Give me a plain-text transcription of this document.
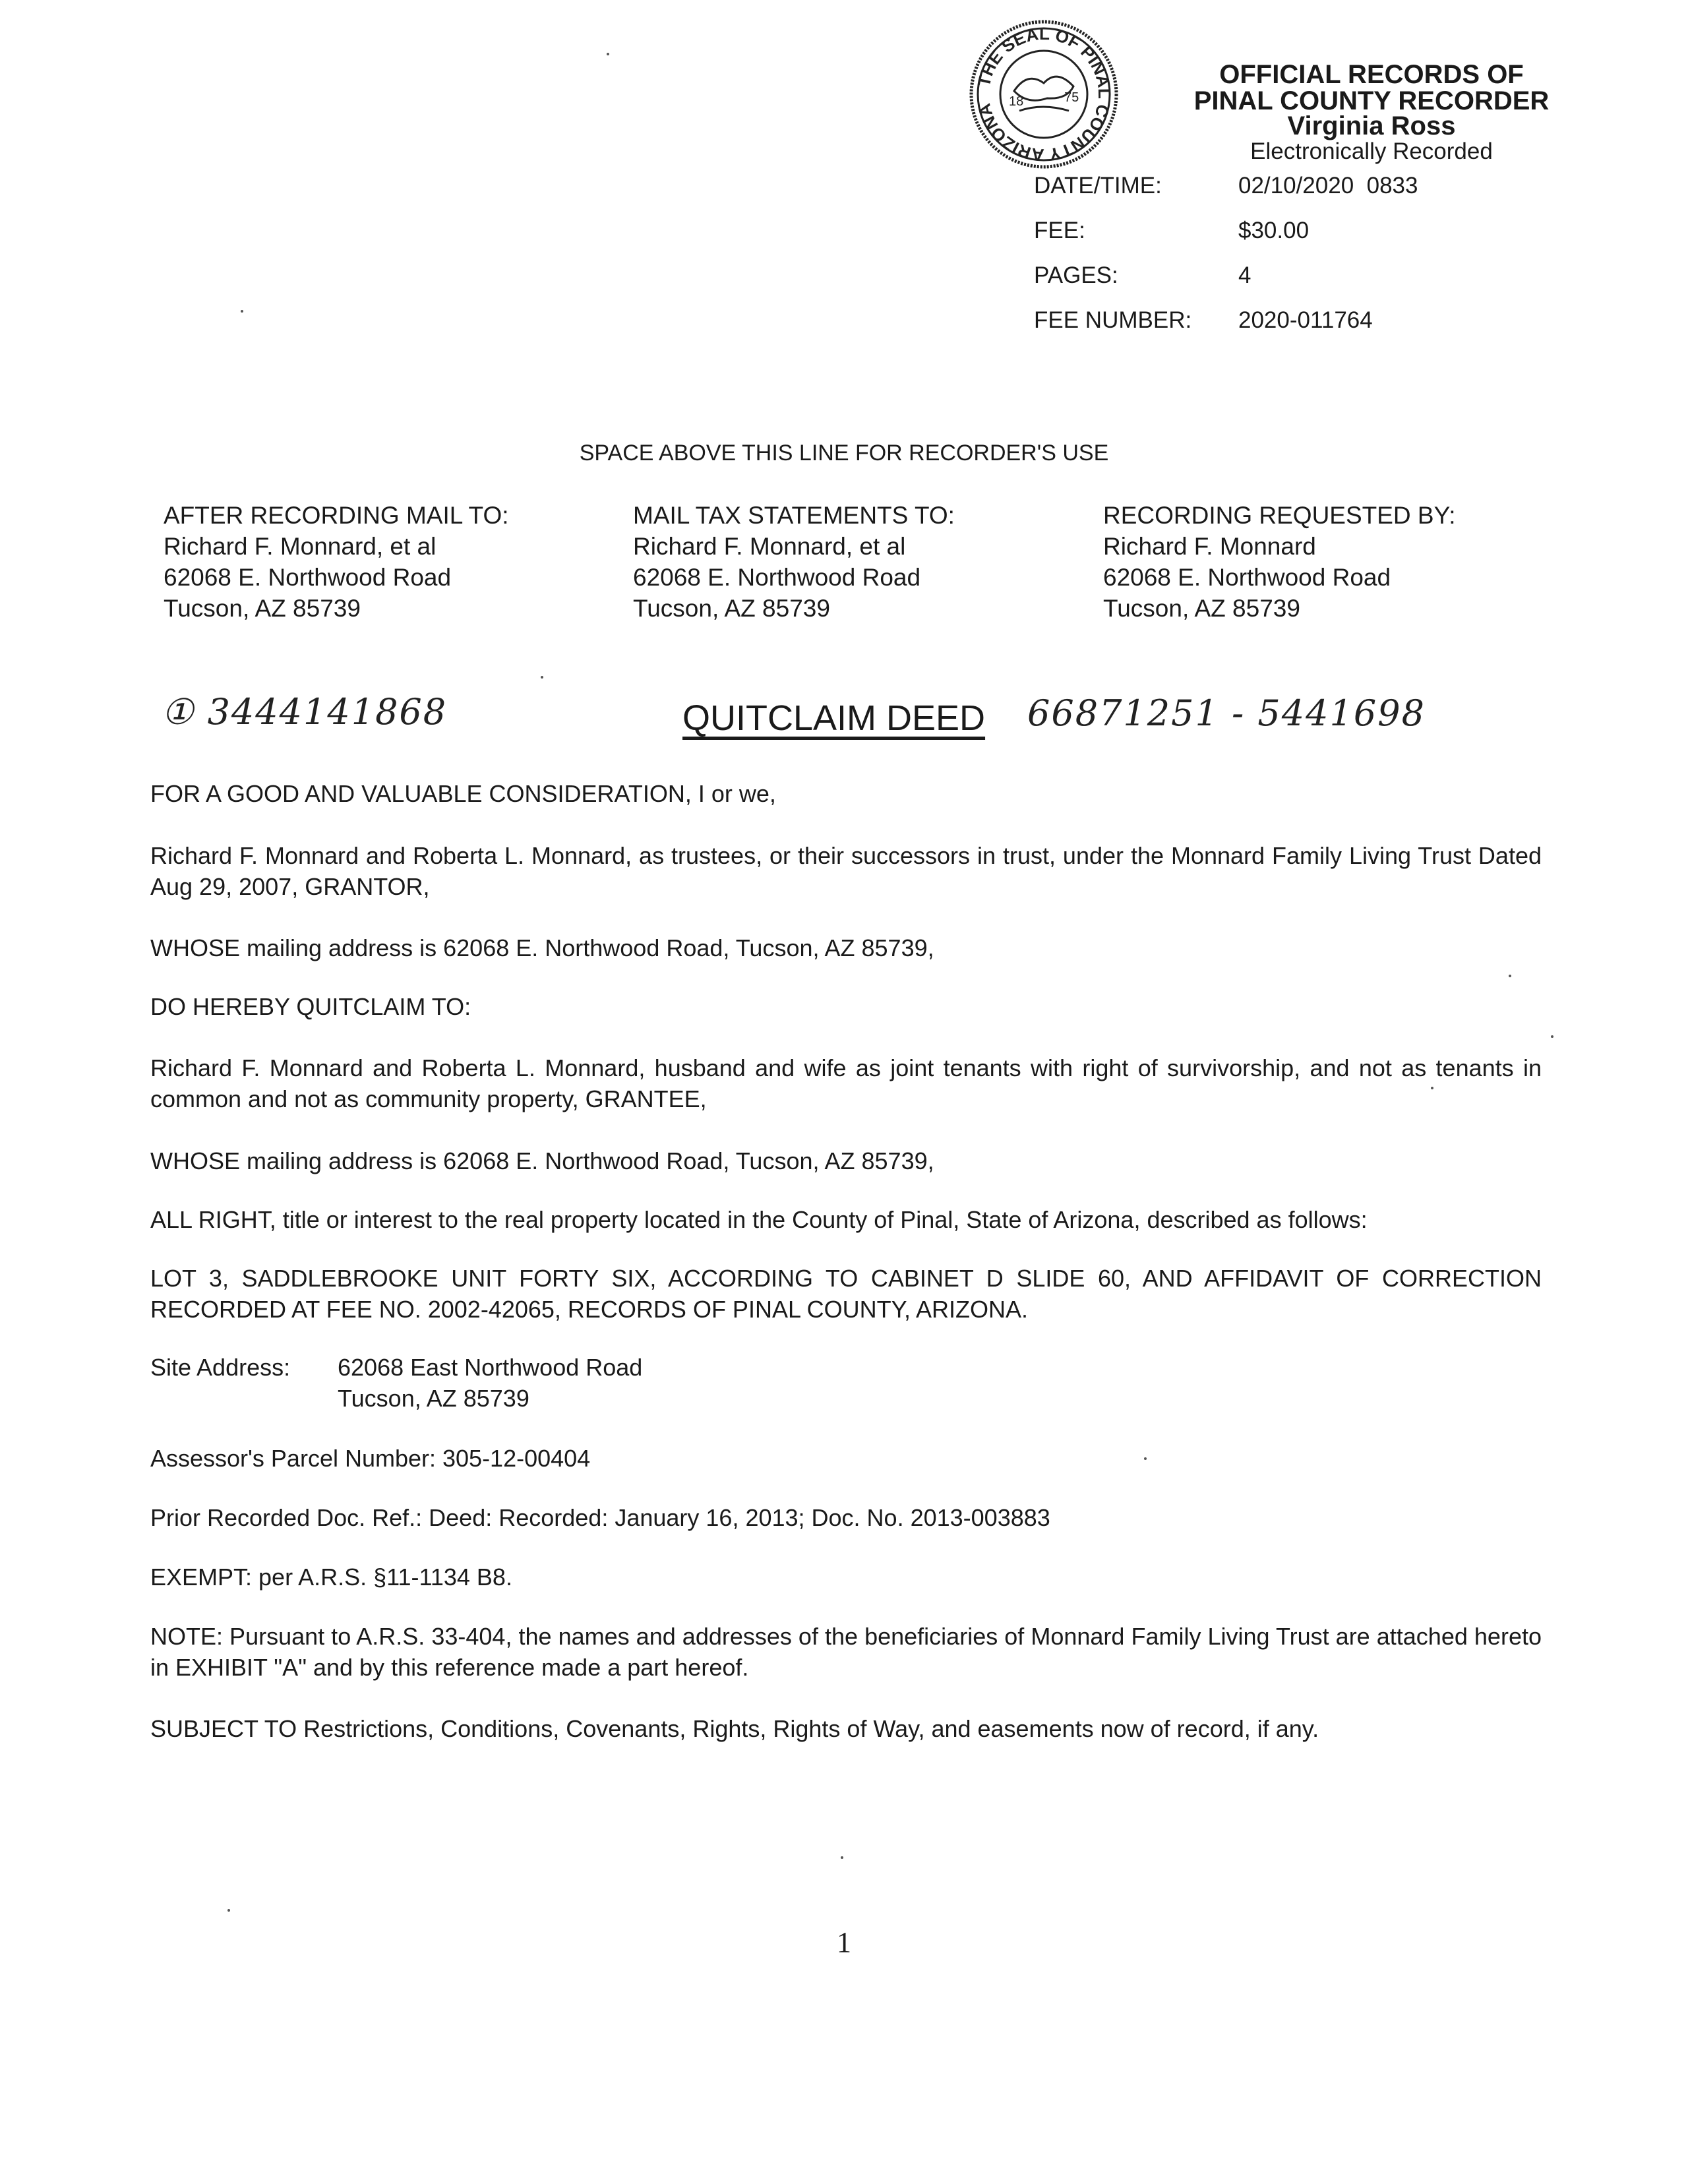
THE SEAL OF PINAL COUNTY ARIZONA
18	75
OFFICIAL RECORDS OF
PINAL COUNTY RECORDER
Virginia Ross
Electronically Recorded
DATE/TIME:	02/10/2020  0833
FEE:	$30.00
PAGES:	4
FEE NUMBER:	2020-011764
SPACE ABOVE THIS LINE FOR RECORDER'S USE
AFTER RECORDING MAIL TO:
Richard F. Monnard, et al
62068 E. Northwood Road
Tucson, AZ 85739
MAIL TAX STATEMENTS TO:
Richard F. Monnard, et al
62068 E. Northwood Road
Tucson, AZ 85739
RECORDING REQUESTED BY:
Richard F. Monnard
62068 E. Northwood Road
Tucson, AZ 85739
① 3444141868	QUITCLAIM DEED 66871251 - 5441698
FOR A GOOD AND VALUABLE CONSIDERATION, I or we,
Richard F. Monnard and Roberta L. Monnard, as trustees, or their successors in trust, under the Monnard Family Living Trust Dated Aug 29, 2007, GRANTOR,
WHOSE mailing address is 62068 E. Northwood Road, Tucson, AZ 85739,
DO HEREBY QUITCLAIM TO:
Richard F. Monnard and Roberta L. Monnard, husband and wife as joint tenants with right of survivorship, and not as tenants in common and not as community property, GRANTEE,
WHOSE mailing address is 62068 E. Northwood Road, Tucson, AZ 85739,
ALL RIGHT, title or interest to the real property located in the County of Pinal, State of Arizona, described as follows:
LOT 3, SADDLEBROOKE UNIT FORTY SIX, ACCORDING TO CABINET D SLIDE 60, AND AFFIDAVIT OF CORRECTION RECORDED AT FEE NO. 2002-42065, RECORDS OF PINAL COUNTY, ARIZONA.
Site Address: 62068 East Northwood Road
Tucson, AZ 85739
Assessor's Parcel Number: 305-12-00404
Prior Recorded Doc. Ref.: Deed: Recorded: January 16, 2013; Doc. No. 2013-003883
EXEMPT: per A.R.S. §11-1134 B8.
NOTE: Pursuant to A.R.S. 33-404, the names and addresses of the beneficiaries of Monnard Family Living Trust are attached hereto in EXHIBIT "A" and by this reference made a part hereof.
SUBJECT TO Restrictions, Conditions, Covenants, Rights, Rights of Way, and easements now of record, if any.
1
